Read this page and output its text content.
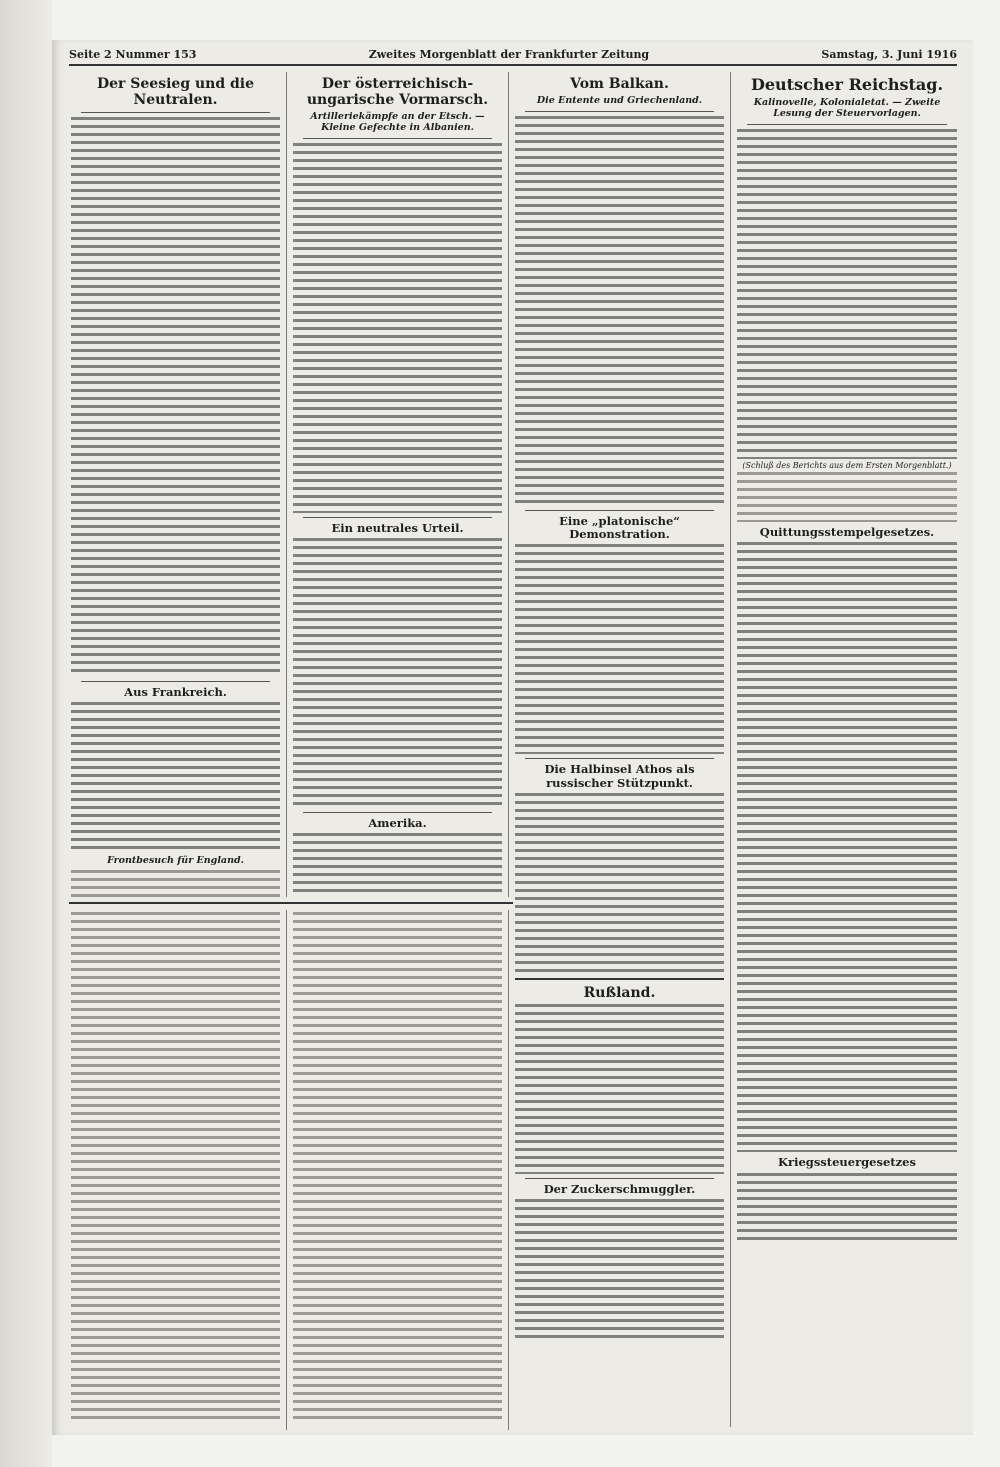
Seite 2 Nummer 153	Zweites Morgenblatt der Frankfurter Zeitung	Samstag, 3. Juni 1916
Der Seesieg und die Neutralen.
Aus Frankreich.
Frontbesuch für England.
Der österreichisch-ungarische Vormarsch.
Artilleriekämpfe an der Etsch. — Kleine Gefechte in Albanien.
Ein neutrales Urteil.
Amerika.
Vom Balkan.
Die Entente und Griechenland.
Eine „platonische“ Demonstration.
Die Halbinsel Athos als russischer Stützpunkt.
Rußland.
Der Zuckerschmuggler.
Deutscher Reichstag.
Kalinovelle, Kolonialetat. — Zweite Lesung der Steuervorlagen.
(Schluß des Berichts aus dem Ersten Morgenblatt.)
Quittungsstempelgesetzes.
Kriegssteuergesetzes
